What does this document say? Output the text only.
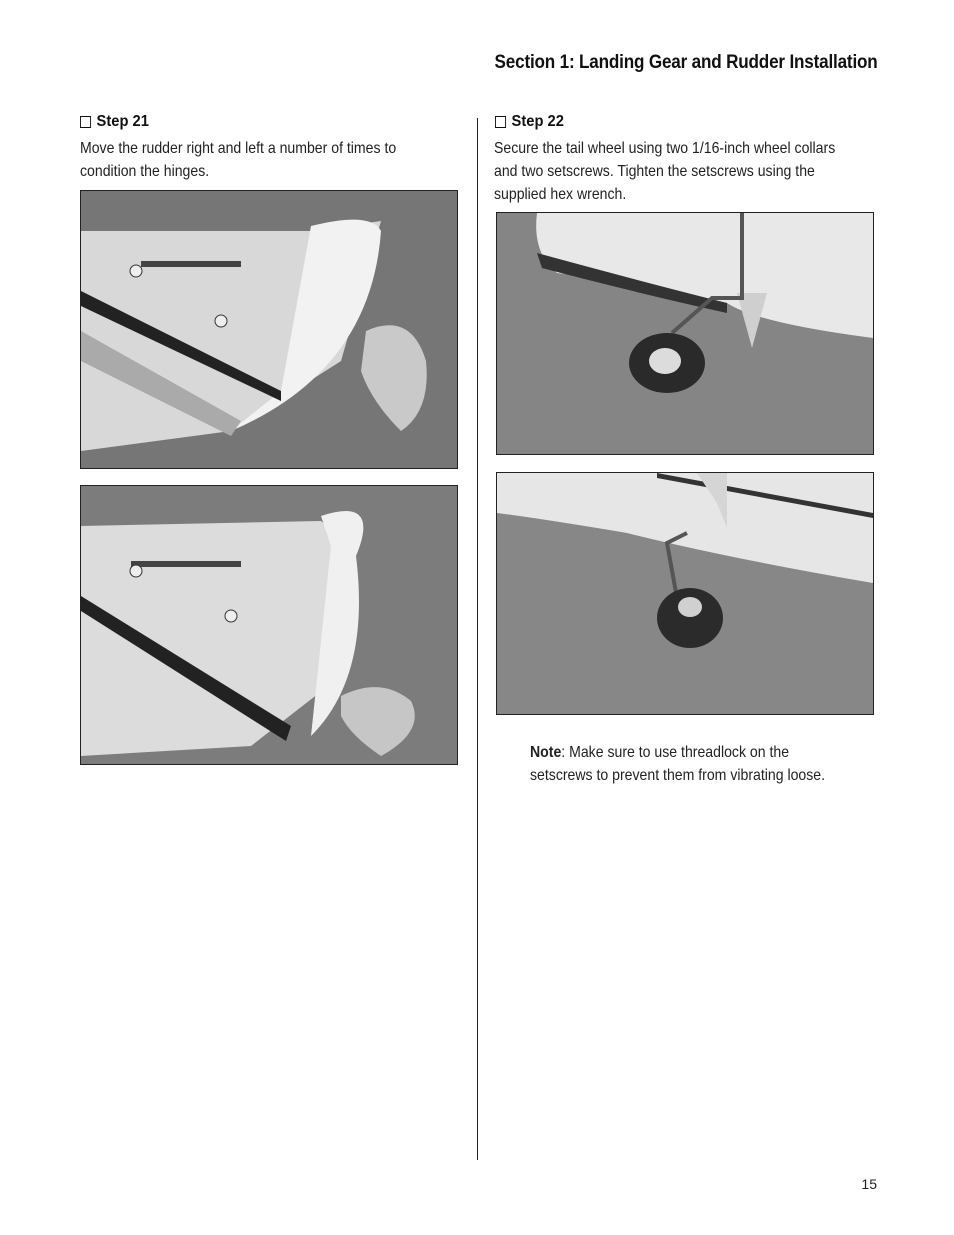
Section 1: Landing Gear and Rudder Installation
Step 21
Move the rudder right and left a number of times to
condition the hinges.
Step 22
Secure the tail wheel using two 1/16-inch wheel collars
and two setscrews. Tighten the setscrews using the
supplied hex wrench.
Note: Make sure to use threadlock on the
setscrews to prevent them from vibrating loose.
15
